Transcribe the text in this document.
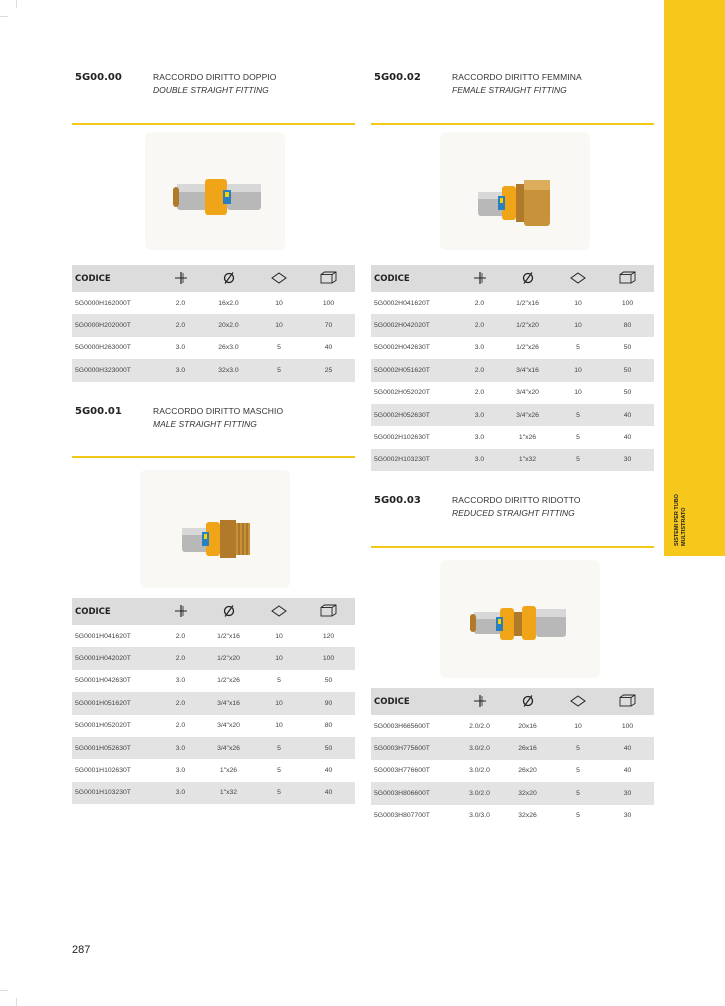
SISTEMI PER TUBO MULTISTRATO
5G00.00	RACCORDO DIRITTO DOPPIO
DOUBLE STRAIGHT FITTING
CODICE				
5G0000H162000T	2.0	16x2.0	10	100
5G0000H202000T	2.0	20x2.0	10	70
5G0000H263000T	3.0	26x3.0	5	40
5G0000H323000T	3.0	32x3.0	5	25
5G00.01	RACCORDO DIRITTO MASCHIO
MALE STRAIGHT FITTING
CODICE				
5G0001H041620T	2.0	1/2"x16	10	120
5G0001H042020T	2.0	1/2"x20	10	100
5G0001H042630T	3.0	1/2"x26	5	50
5G0001H051620T	2.0	3/4"x16	10	90
5G0001H052020T	2.0	3/4"x20	10	80
5G0001H052630T	3.0	3/4"x26	5	50
5G0001H102630T	3.0	1"x26	5	40
5G0001H103230T	3.0	1"x32	5	40
5G00.02	RACCORDO DIRITTO FEMMINA
FEMALE STRAIGHT FITTING
CODICE				
5G0002H041620T	2.0	1/2"x16	10	100
5G0002H042020T	2.0	1/2"x20	10	80
5G0002H042630T	3.0	1/2"x26	5	50
5G0002H051620T	2.0	3/4"x16	10	50
5G0002H052020T	2.0	3/4"x20	10	50
5G0002H052630T	3.0	3/4"x26	5	40
5G0002H102630T	3.0	1"x26	5	40
5G0002H103230T	3.0	1"x32	5	30
5G00.03	RACCORDO DIRITTO RIDOTTO
REDUCED STRAIGHT FITTING
CODICE				
5G0003H665600T	2.0/2.0	20x16	10	100
5G0003H775600T	3.0/2.0	26x16	5	40
5G0003H776600T	3.0/2.0	26x20	5	40
5G0003H806600T	3.0/2.0	32x20	5	30
5G0003H807700T	3.0/3.0	32x26	5	30
287
